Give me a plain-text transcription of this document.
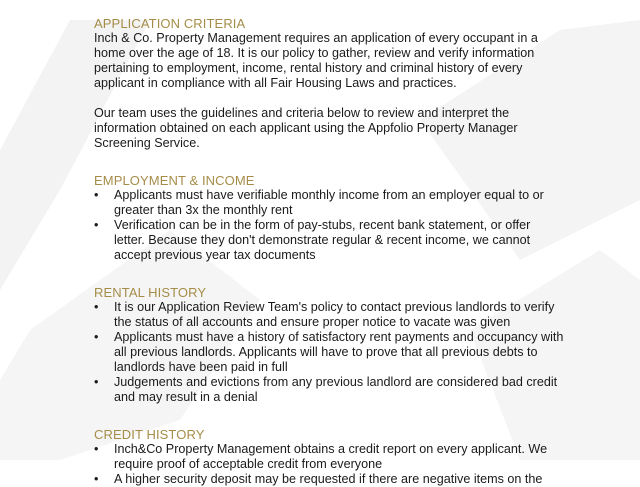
APPLICATION CRITERIA

Inch & Co. Property Management requires an application of every occupant in a home over the age of 18. It is our policy to gather, review and verify information pertaining to employment, income, rental history and criminal history of every applicant in compliance with all Fair Housing Laws and practices.

Our team uses the guidelines and criteria below to review and interpret the information obtained on each applicant using the Appfolio Property Manager Screening Service.

EMPLOYMENT & INCOME

•	Applicants must have verifiable monthly income from an employer equal to or greater than 3x the monthly rent
•	Verification can be in the form of pay-stubs, recent bank statement, or offer letter. Because they don't demonstrate regular & recent income, we cannot accept previous year tax documents

RENTAL HISTORY

•	It is our Application Review Team's policy to contact previous landlords to verify the status of all accounts and ensure proper notice to vacate was given
•	Applicants must have a history of satisfactory rent payments and occupancy with all previous landlords. Applicants will have to prove that all previous debts to landlords have been paid in full
•	Judgements and evictions from any previous landlord are considered bad credit and may result in a denial

CREDIT HISTORY

•	Inch&Co Property Management obtains a credit report on every applicant. We require proof of acceptable credit from everyone
•	A higher security deposit may be requested if there are negative items on the
